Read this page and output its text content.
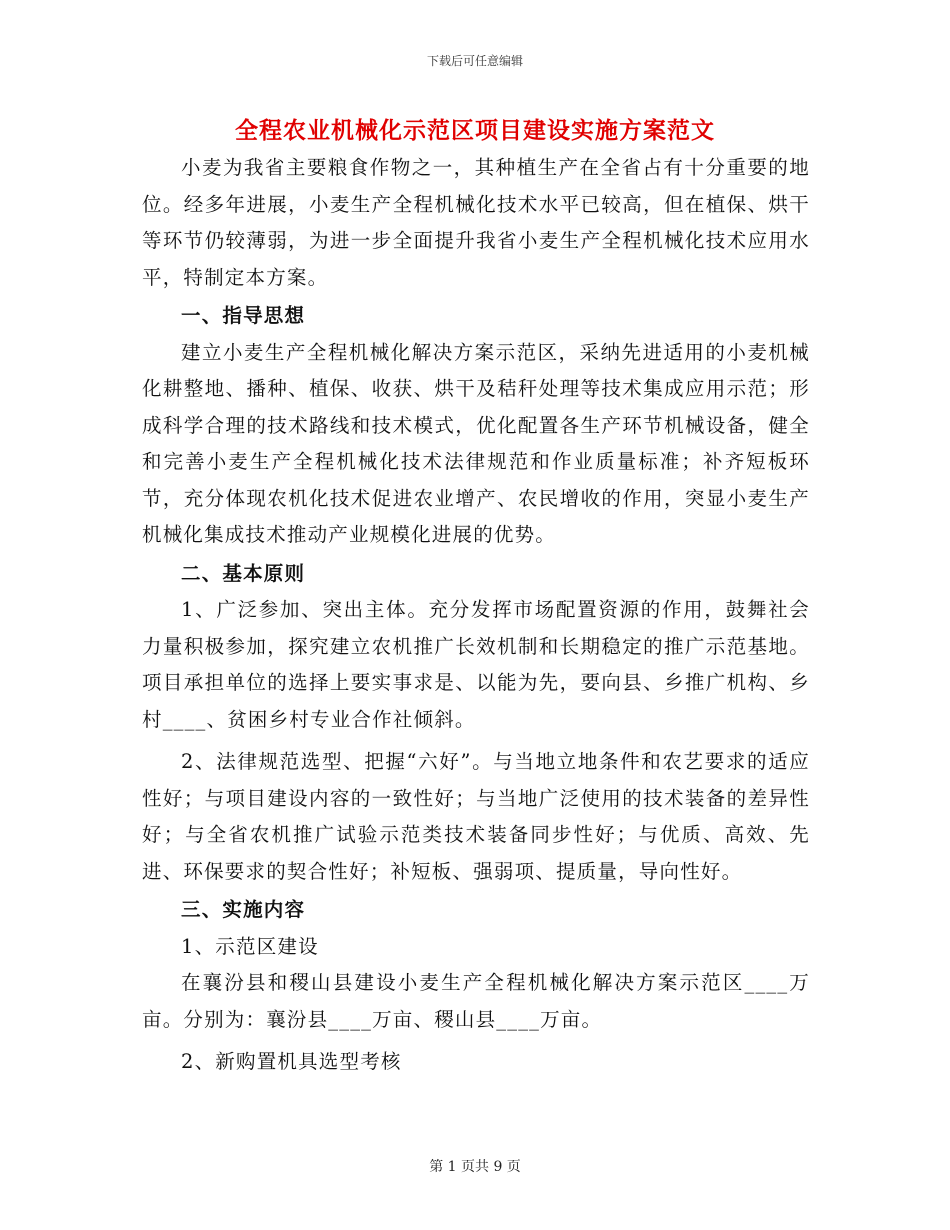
下载后可任意编辑
全程农业机械化示范区项目建设实施方案范文

小麦为我省主要粮食作物之一，其种植生产在全省占有十分重要的地位。经多年进展，小麦生产全程机械化技术水平已较高，但在植保、烘干等环节仍较薄弱，为进一步全面提升我省小麦生产全程机械化技术应用水平，特制定本方案。

一、指导思想

建立小麦生产全程机械化解决方案示范区，采纳先进适用的小麦机械化耕整地、播种、植保、收获、烘干及秸秆处理等技术集成应用示范；形成科学合理的技术路线和技术模式，优化配置各生产环节机械设备，健全和完善小麦生产全程机械化技术法律规范和作业质量标准；补齐短板环节，充分体现农机化技术促进农业增产、农民增收的作用，突显小麦生产机械化集成技术推动产业规模化进展的优势。

二、基本原则

1、广泛参加、突出主体。充分发挥市场配置资源的作用，鼓舞社会力量积极参加，探究建立农机推广长效机制和长期稳定的推广示范基地。项目承担单位的选择上要实事求是、以能为先，要向县、乡推广机构、乡村____、贫困乡村专业合作社倾斜。

2、法律规范选型、把握“六好”。与当地立地条件和农艺要求的适应性好；与项目建设内容的一致性好；与当地广泛使用的技术装备的差异性好；与全省农机推广试验示范类技术装备同步性好；与优质、高效、先进、环保要求的契合性好；补短板、强弱项、提质量，导向性好。

三、实施内容

1、示范区建设

在襄汾县和稷山县建设小麦生产全程机械化解决方案示范区____万亩。分别为：襄汾县____万亩、稷山县____万亩。

2、新购置机具选型考核

第 1 页共 9 页
